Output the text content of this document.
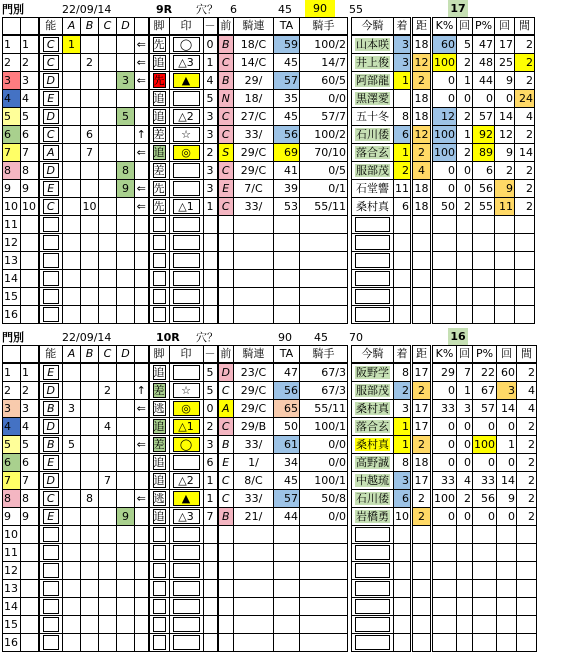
門別	22/09/14	9R 穴？ 6	45	90	55	17
		能	A	B	C	D		脚	印	－	前	騎連	TA	騎手		今騎	着	距	K%	回	P%	回	間
1	1	C	1				⇐	先	◯	0	B	18/C	59	100/2		山本咲	3	18	60	5	47	17	2
2	2	C		2			⇐	追	△3	1	C	14/C	45	14/7		井上俊	3	12	100	2	48	25	2
3	3	D				3	⇐	先	▲	4	B	29/	57	60/5		阿部龍	1	2	0	1	44	9	2
4	4	E						追		5	N	18/	35	0/0		黒澤愛		18	0	0	0	0	24
5	5	D				5		追	△2	3	C	27/C	45	57/7		五十冬	8	18	12	2	57	14	4
6	6	C		6			↑	差	☆	3	C	33/	56	100/2		石川倭	6	12	100	1	92	12	2
7	7	A		7			⇐	追	◎	2	S	29/C	69	70/10		落合玄	1	2	100	2	89	9	14
8	8	D				8		差		3	C	29/C	41	0/5		服部茂	2	4	0	0	6	2	2
9	9	E				9	⇐	先		3	E	7/C	39	0/1		石堂響	11	18	0	0	56	9	2
10	10	C		10			⇐	先	△1	1	C	33/	53	55/11		桑村真	6	18	50	2	55	11	2
11		

12		

13		

14		

15		

16		

門別	22/09/14	10R 穴？	90 45 70	16
		能	A	B	C	D		脚	印	－	前	騎連	TA	騎手		今騎	着	距	K%	回	P%	回	間
1	1	E						追		5	D	23/C	47	67/3		阪野学	8	17	29	7	22	60	2
2	2	D			2		↑	差	☆	5	C	29/C	56	67/3		服部茂	2	2	0	1	67	3	4
3	3	B	3				⇐	逃	◎	0	A	29/C	65	55/11		桑村真	3	17	33	3	57	14	4
4	4	D			4			追	△1	2	C	29/B	50	100/1		落合玄	1	17	0	0	0	0	2
5	5	B	5				⇐	差	◯	3	B	33/	61	0/0		桑村真	1	2	0	0	100	1	2
6	6	E						追		6	E	1/	34	0/0		高野誠	8	18	0	0	0	0	2
7	7	D			7			追	△2	1	C	8/C	45	100/1		中越琉	3	17	33	4	33	14	2
8	8	C		8			⇐	逃	▲	1	C	33/	57	50/8		石川倭	6	2	100	2	56	9	2
9	9	E				9		追	△3	7	B	21/	44	0/0		岩橋勇	10	2	0	0	0	0	2
10		

11		

12		

13		

14		

15		

16		
